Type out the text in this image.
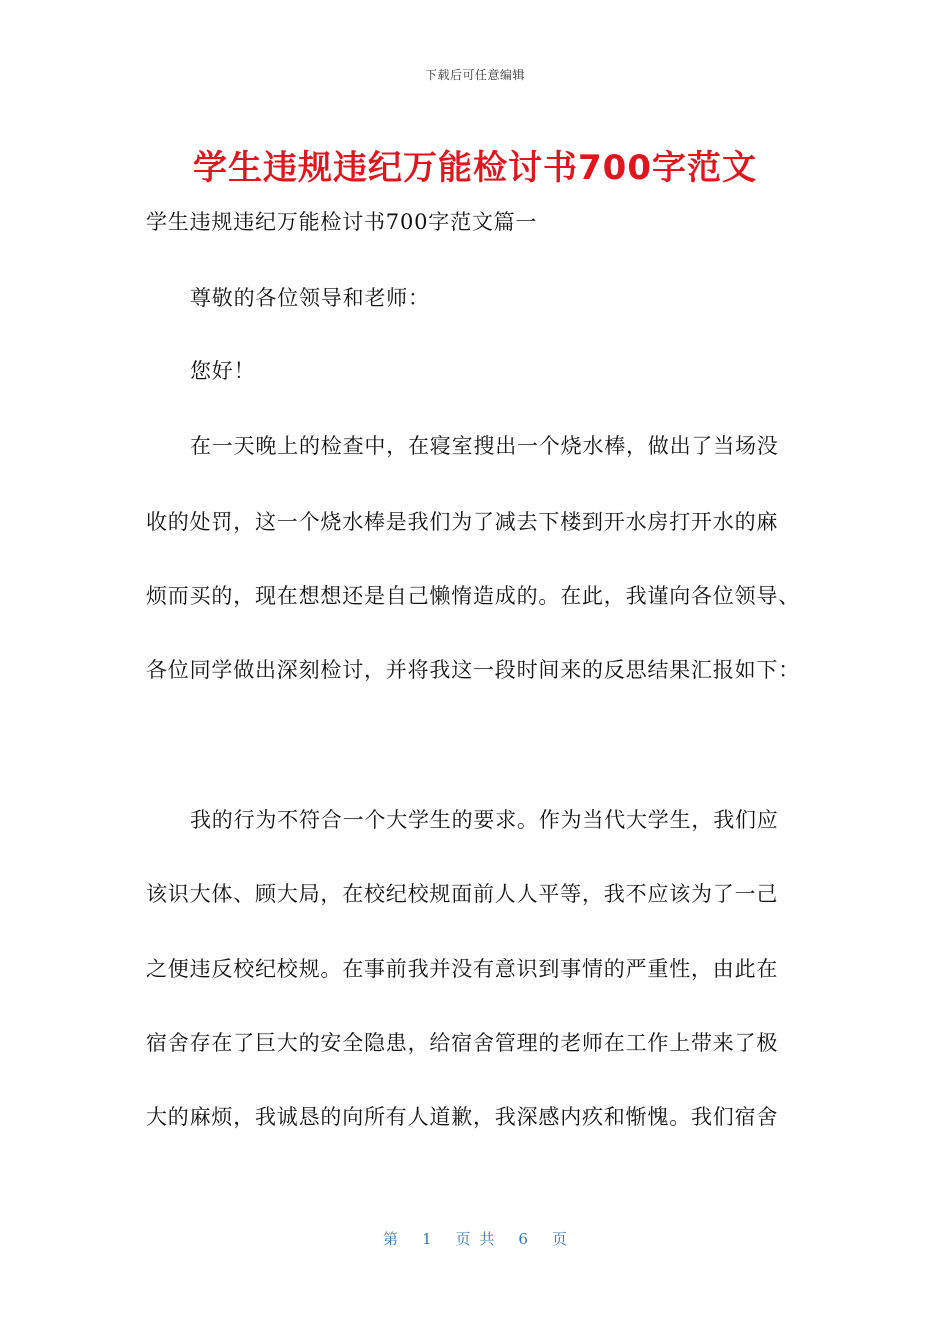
下载后可任意编辑
学生违规违纪万能检讨书700字范文
学生违规违纪万能检讨书700字范文篇一
尊敬的各位领导和老师：
您好！
在一天晚上的检查中，在寝室搜出一个烧水棒，做出了当场没
收的处罚，这一个烧水棒是我们为了减去下楼到开水房打开水的麻
烦而买的，现在想想还是自己懒惰造成的。在此，我谨向各位领导、
各位同学做出深刻检讨，并将我这一段时间来的反思结果汇报如下：
我的行为不符合一个大学生的要求。作为当代大学生，我们应
该识大体、顾大局，在校纪校规面前人人平等，我不应该为了一己
之便违反校纪校规。在事前我并没有意识到事情的严重性，由此在
宿舍存在了巨大的安全隐患，给宿舍管理的老师在工作上带来了极
大的麻烦，我诚恳的向所有人道歉，我深感内疚和惭愧。我们宿舍
第 1 页 共 6 页
